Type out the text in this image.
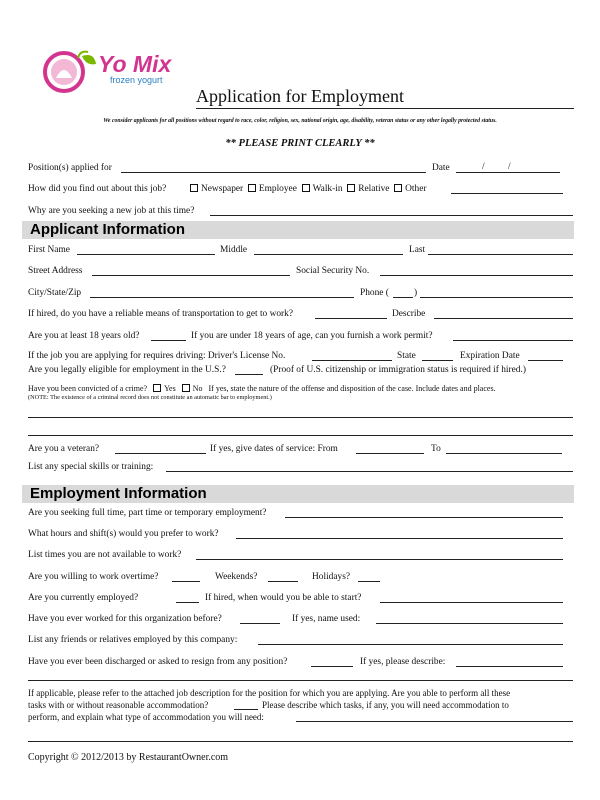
Yo Mix
frozen yogurt
Application for Employment
We consider applicants for all positions without regard to race, color, religion, sex, national origin, age, disability, veteran status or any other legally protected status.
** PLEASE PRINT CLEARLY **
Position(s) applied for	Date	/ /
How did you find out about this job?	Newspaper Employee Walk-in Relative Other
Why are you seeking a new job at this time?
Applicant Information
First Name	Middle	Last
Street Address	Social Security No.
City/State/Zip	Phone (	)
If hired, do you have a reliable means of transportation to get to work?	Describe
Are you at least 18 years old?	If you are under 18 years of age, can you furnish a work permit?
If the job you are applying for requires driving: Driver's License No.	State	Expiration Date
Are you legally eligible for employment in the U.S.?	(Proof of U.S. citizenship or immigration status is required if hired.)
Have you been convicted of a crime? Yes No If yes, state the nature of the offense and disposition of the case. Include dates and places.
(NOTE: The existence of a criminal record does not constitute an automatic bar to employment.)
Are you a veteran?	If yes, give dates of service: From	To
List any special skills or training:
Employment Information
Are you seeking full time, part time or temporary employment?
What hours and shift(s) would you prefer to work?
List times you are not available to work?
Are you willing to work overtime?	Weekends?	Holidays?
Are you currently employed?	If hired, when would you be able to start?
Have you ever worked for this organization before?	If yes, name used:
List any friends or relatives employed by this company:
Have you ever been discharged or asked to resign from any position?	If yes, please describe:
If applicable, please refer to the attached job description for the position for which you are applying. Are you able to perform all these
tasks with or without reasonable accommodation?	Please describe which tasks, if any, you will need accommodation to
perform, and explain what type of accommodation you will need:
Copyright © 2012/2013 by RestaurantOwner.com
